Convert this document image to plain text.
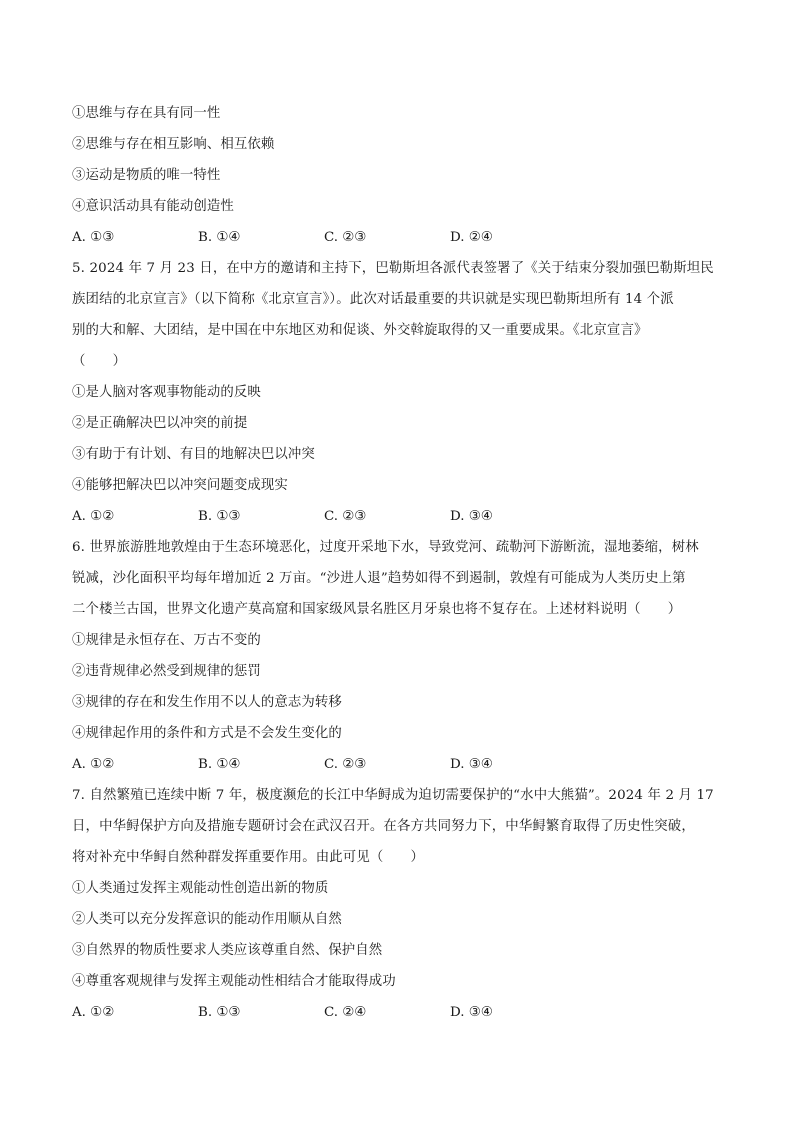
①思维与存在具有同一性
②思维与存在相互影响、相互依赖
③运动是物质的唯一特性
④意识活动具有能动创造性
A. ①③	B. ①④	C. ②③	D. ②④
5. 2024 年 7 月 23 日，在中方的邀请和主持下，巴勒斯坦各派代表签署了《关于结束分裂加强巴勒斯坦民
族团结的北京宣言》（以下简称《北京宣言》）。此次对话最重要的共识就是实现巴勒斯坦所有 14 个派
别的大和解、大团结，是中国在中东地区劝和促谈、外交斡旋取得的又一重要成果。《北京宣言》
（　　）
①是人脑对客观事物能动的反映
②是正确解决巴以冲突的前提
③有助于有计划、有目的地解决巴以冲突
④能够把解决巴以冲突问题变成现实
A. ①②	B. ①③	C. ②③	D. ③④
6. 世界旅游胜地敦煌由于生态环境恶化，过度开采地下水，导致党河、疏勒河下游断流，湿地萎缩，树林
锐减，沙化面积平均每年增加近 2 万亩。“沙进人退”趋势如得不到遏制，敦煌有可能成为人类历史上第
二个楼兰古国，世界文化遗产莫高窟和国家级风景名胜区月牙泉也将不复存在。上述材料说明（　　）
①规律是永恒存在、万古不变的
②违背规律必然受到规律的惩罚
③规律的存在和发生作用不以人的意志为转移
④规律起作用的条件和方式是不会发生变化的
A. ①②	B. ①④	C. ②③	D. ③④
7. 自然繁殖已连续中断 7 年，极度濒危的长江中华鲟成为迫切需要保护的“水中大熊猫”。2024 年 2 月 17
日，中华鲟保护方向及措施专题研讨会在武汉召开。在各方共同努力下，中华鲟繁育取得了历史性突破，
将对补充中华鲟自然种群发挥重要作用。由此可见（　　）
①人类通过发挥主观能动性创造出新的物质
②人类可以充分发挥意识的能动作用顺从自然
③自然界的物质性要求人类应该尊重自然、保护自然
④尊重客观规律与发挥主观能动性相结合才能取得成功
A. ①②	B. ①③	C. ②④	D. ③④
